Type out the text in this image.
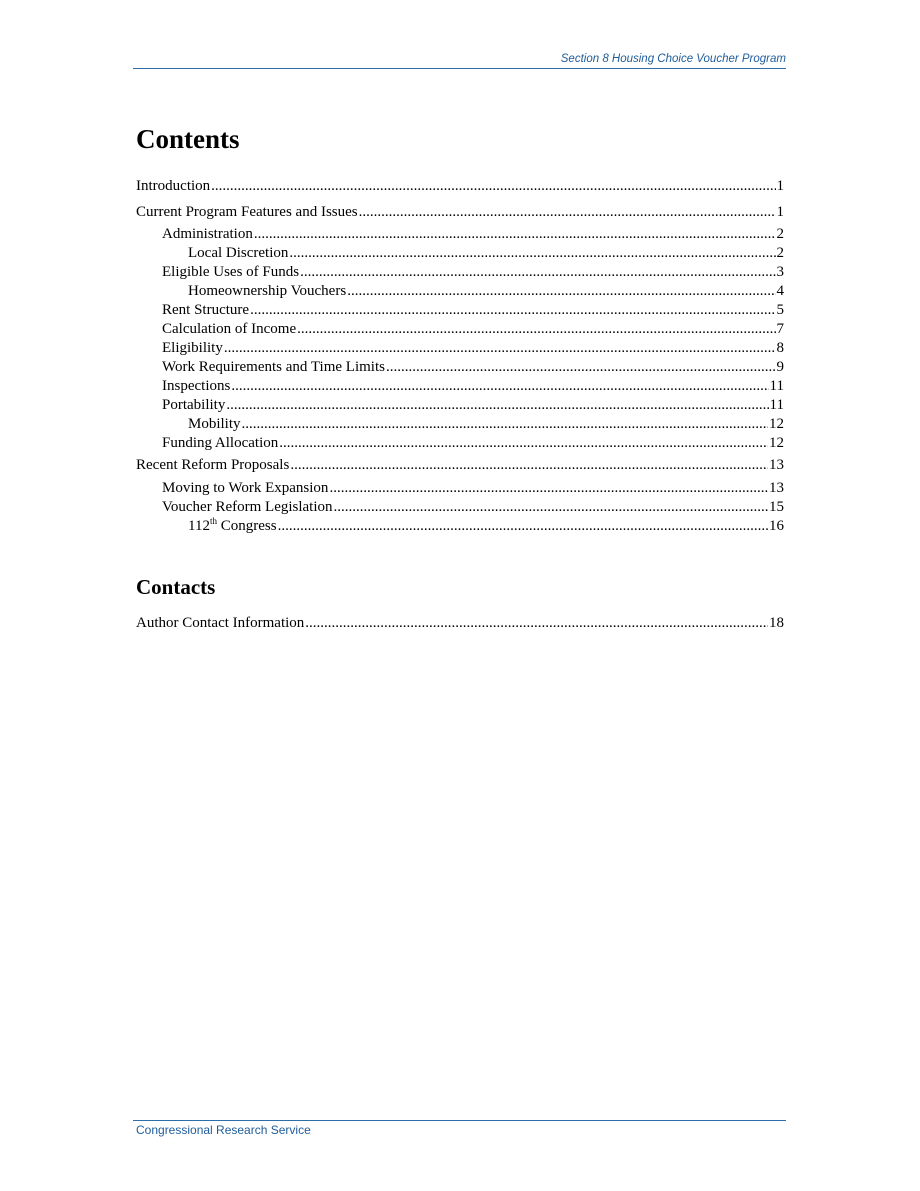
Section 8 Housing Choice Voucher Program
Contents
Introduction .....	1
Current Program Features and Issues .....	1
Administration .....	2
Local Discretion .....	2
Eligible Uses of Funds .....	3
Homeownership Vouchers .....	4
Rent Structure .....	5
Calculation of Income .....	7
Eligibility .....	8
Work Requirements and Time Limits .....	9
Inspections .....	11
Portability .....	11
Mobility .....	12
Funding Allocation .....	12
Recent Reform Proposals .....	13
Moving to Work Expansion .....	13
Voucher Reform Legislation .....	15
112th Congress .....	16
Contacts
Author Contact Information .....	18
Congressional Research Service
